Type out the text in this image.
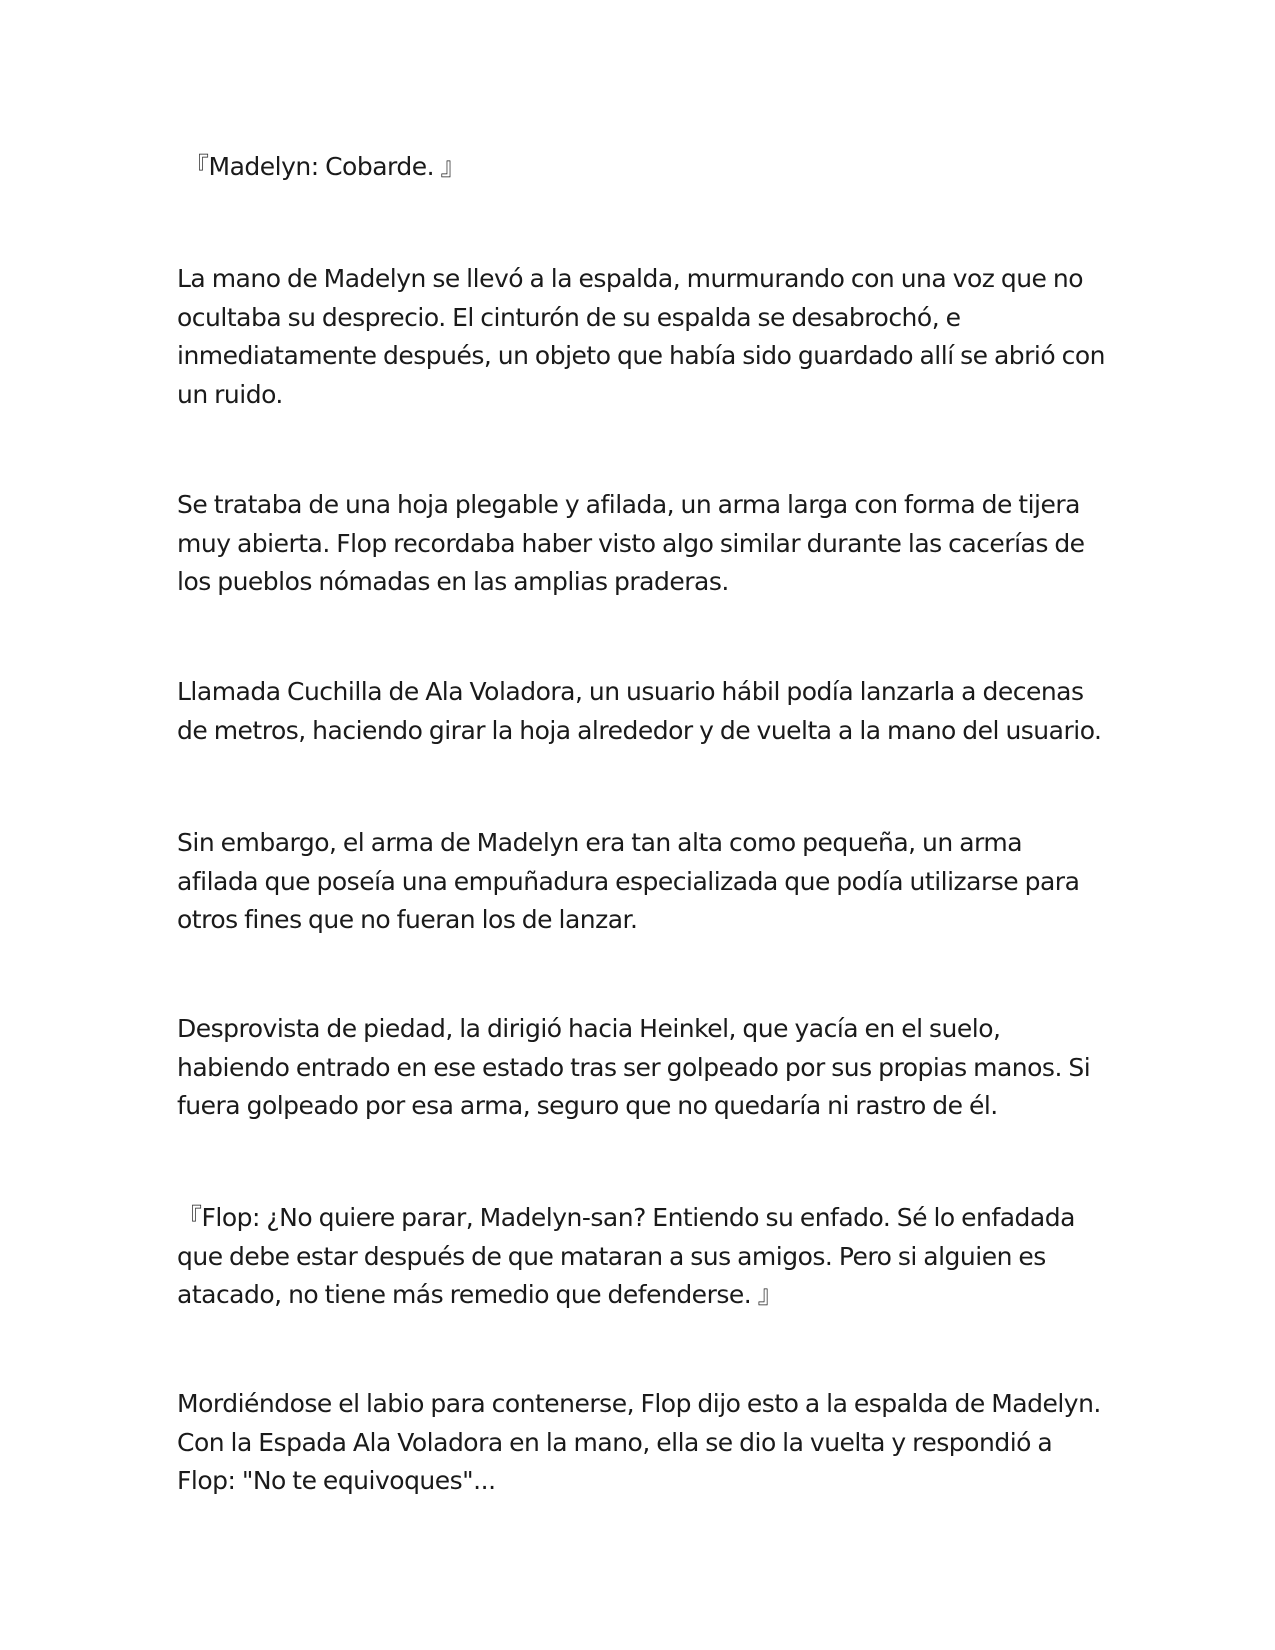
『Madelyn: Cobarde. 』

La mano de Madelyn se llevó a la espalda, murmurando con una voz que no ocultaba su desprecio. El cinturón de su espalda se desabrochó, e inmediatamente después, un objeto que había sido guardado allí se abrió con un ruido.

Se trataba de una hoja plegable y afilada, un arma larga con forma de tijera muy abierta. Flop recordaba haber visto algo similar durante las cacerías de los pueblos nómadas en las amplias praderas.

Llamada Cuchilla de Ala Voladora, un usuario hábil podía lanzarla a decenas de metros, haciendo girar la hoja alrededor y de vuelta a la mano del usuario.

Sin embargo, el arma de Madelyn era tan alta como pequeña, un arma afilada que poseía una empuñadura especializada que podía utilizarse para otros fines que no fueran los de lanzar.

Desprovista de piedad, la dirigió hacia Heinkel, que yacía en el suelo, habiendo entrado en ese estado tras ser golpeado por sus propias manos. Si fuera golpeado por esa arma, seguro que no quedaría ni rastro de él.

『Flop: ¿No quiere parar, Madelyn-san? Entiendo su enfado. Sé lo enfadada que debe estar después de que mataran a sus amigos. Pero si alguien es atacado, no tiene más remedio que defenderse. 』

Mordiéndose el labio para contenerse, Flop dijo esto a la espalda de Madelyn. Con la Espada Ala Voladora en la mano, ella se dio la vuelta y respondió a Flop: "No te equivoques"...
